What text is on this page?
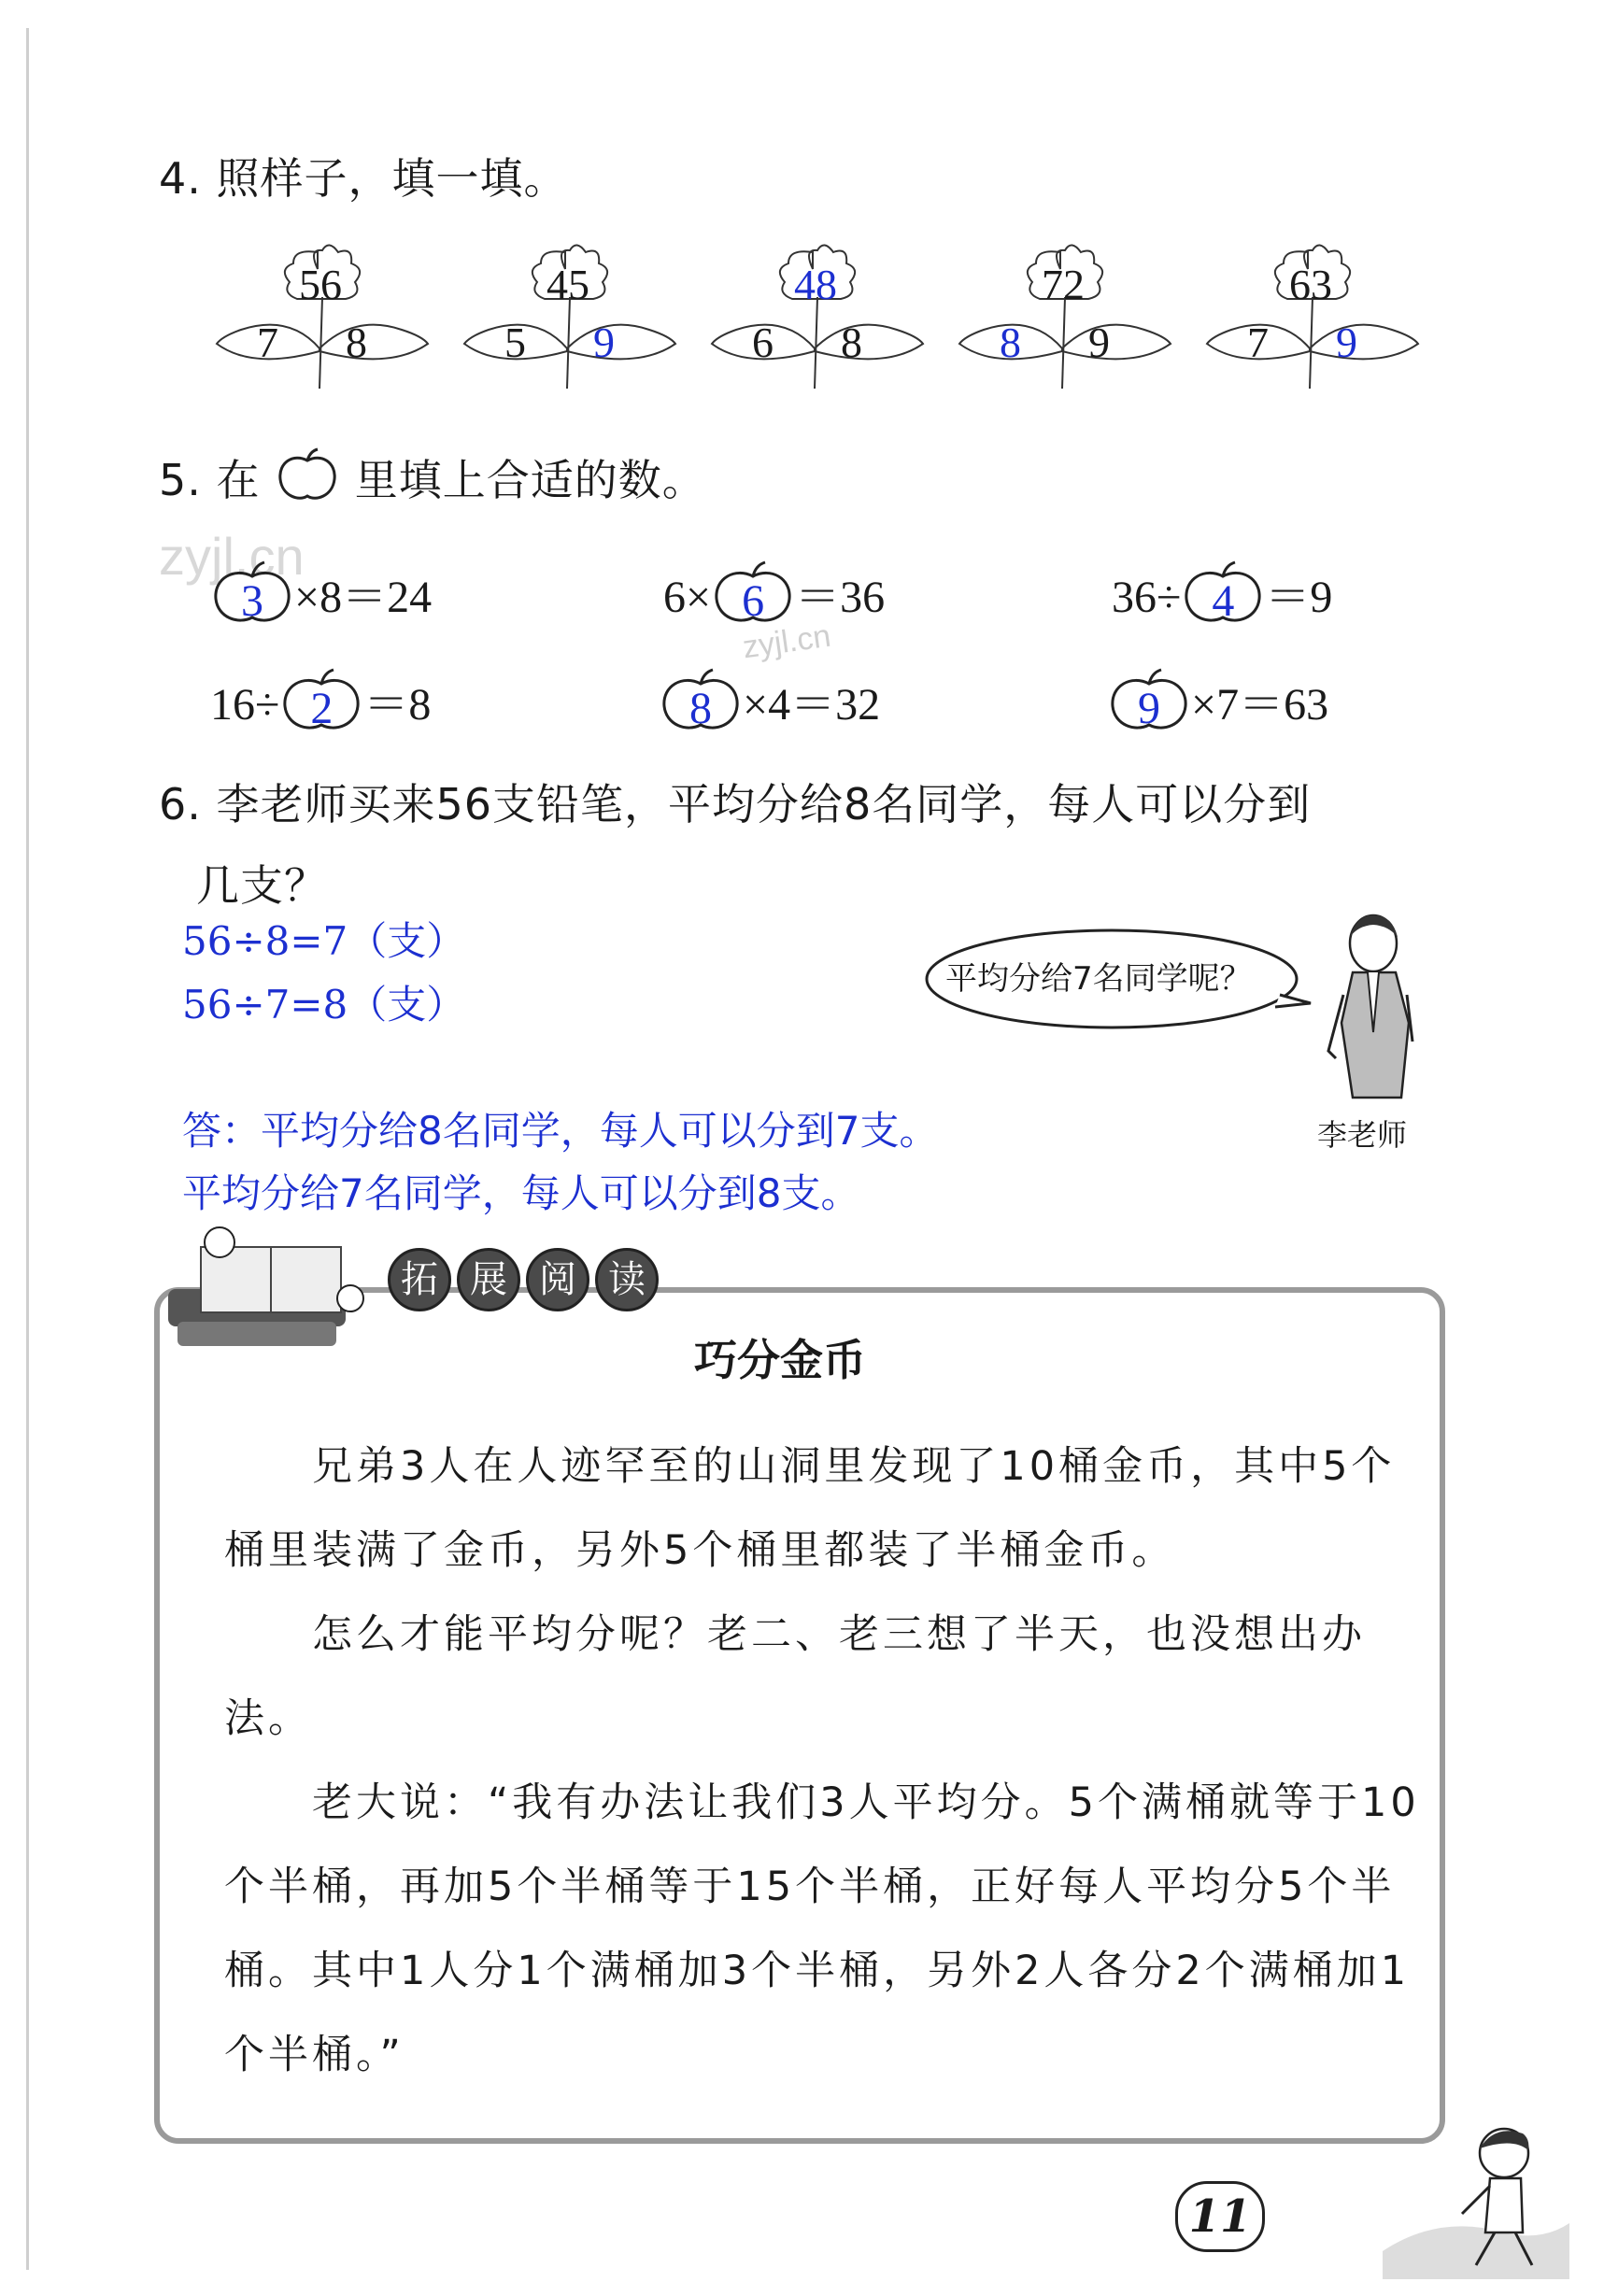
4. 照样子，填一填。
56
7 8
45
5 9
48
6 8
72
8 9
63
7 9
5. 在 里填上合适的数。
zyjl.cn
3 ×8＝24	6× 6 ＝36	36÷ 4 ＝9
zyjl.cn
16÷ 2 ＝8	8 ×4＝32	9 ×7＝63
6. 李老师买来56支铅笔，平均分给8名同学，每人可以分到
几支？
56÷8=7（支）
56÷7=8（支）
平均分给7名同学呢？
李老师
答：平均分给8名同学，每人可以分到7支。
平均分给7名同学，每人可以分到8支。
拓 展 阅 读
巧分金币
　　兄弟3人在人迹罕至的山洞里发现了10桶金币，其中5个
桶里装满了金币，另外5个桶里都装了半桶金币。
　　怎么才能平均分呢？老二、老三想了半天，也没想出办
法。
　　老大说：“我有办法让我们3人平均分。5个满桶就等于10
个半桶，再加5个半桶等于15个半桶，正好每人平均分5个半
桶。其中1人分1个满桶加3个半桶，另外2人各分2个满桶加1
个半桶。”
11
